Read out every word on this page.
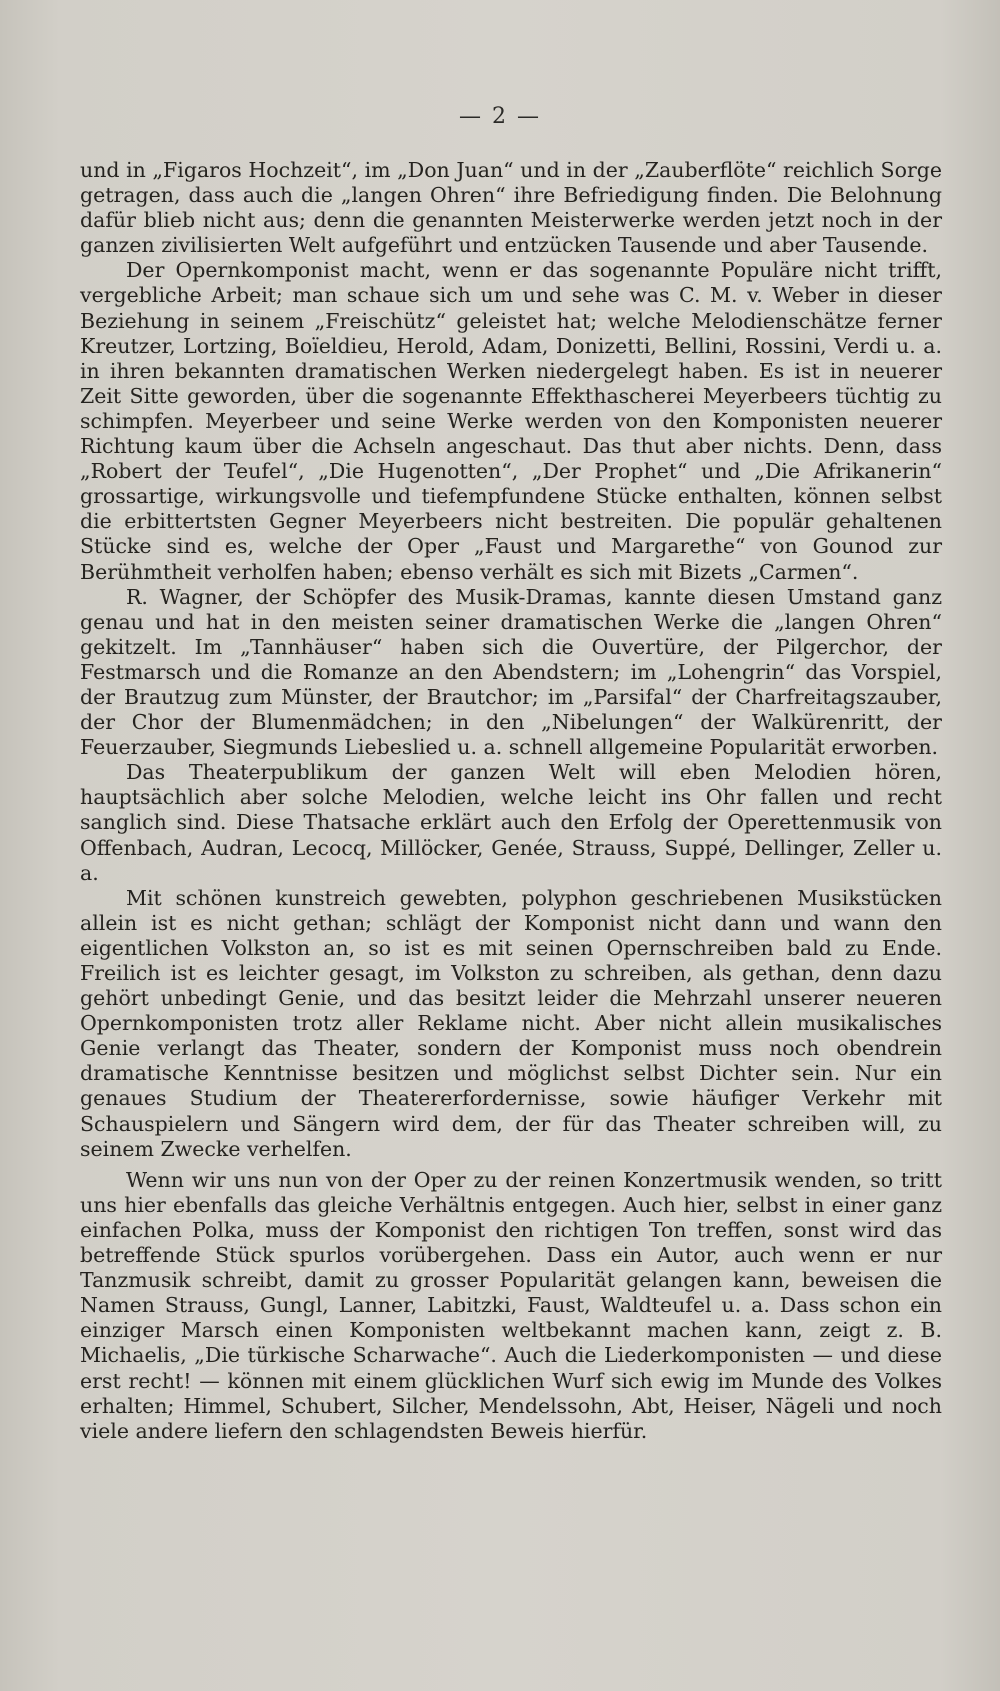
— 2 —

und in „Figaros Hochzeit“, im „Don Juan“ und in der „Zauberflöte“ reichlich Sorge getragen, dass auch die „langen Ohren“ ihre Befriedigung finden. Die Belohnung dafür blieb nicht aus; denn die genannten Meisterwerke werden jetzt noch in der ganzen zivilisierten Welt aufgeführt und entzücken Tausende und aber Tausende.

Der Opernkomponist macht, wenn er das sogenannte Populäre nicht trifft, vergebliche Arbeit; man schaue sich um und sehe was C. M. v. Weber in dieser Beziehung in seinem „Freischütz“ geleistet hat; welche Melodienschätze ferner Kreutzer, Lortzing, Boïeldieu, Herold, Adam, Donizetti, Bellini, Rossini, Verdi u. a. in ihren bekannten dramatischen Werken niedergelegt haben. Es ist in neuerer Zeit Sitte geworden, über die sogenannte Effekthascherei Meyerbeers tüchtig zu schimpfen. Meyerbeer und seine Werke werden von den Komponisten neuerer Richtung kaum über die Achseln angeschaut. Das thut aber nichts. Denn, dass „Robert der Teufel“, „Die Hugenotten“, „Der Prophet“ und „Die Afrikanerin“ grossartige, wirkungsvolle und tiefempfundene Stücke enthalten, können selbst die erbittertsten Gegner Meyerbeers nicht bestreiten. Die populär gehaltenen Stücke sind es, welche der Oper „Faust und Margarethe“ von Gounod zur Berühmtheit verholfen haben; ebenso verhält es sich mit Bizets „Carmen“.

R. Wagner, der Schöpfer des Musik-Dramas, kannte diesen Umstand ganz genau und hat in den meisten seiner dramatischen Werke die „langen Ohren“ gekitzelt. Im „Tannhäuser“ haben sich die Ouvertüre, der Pilgerchor, der Festmarsch und die Romanze an den Abendstern; im „Lohengrin“ das Vorspiel, der Brautzug zum Münster, der Brautchor; im „Parsifal“ der Charfreitagszauber, der Chor der Blumenmädchen; in den „Nibelungen“ der Walkürenritt, der Feuerzauber, Siegmunds Liebeslied u. a. schnell allgemeine Popularität erworben.

Das Theaterpublikum der ganzen Welt will eben Melodien hören, hauptsächlich aber solche Melodien, welche leicht ins Ohr fallen und recht sanglich sind. Diese Thatsache erklärt auch den Erfolg der Operettenmusik von Offenbach, Audran, Lecocq, Millöcker, Genée, Strauss, Suppé, Dellinger, Zeller u. a.

Mit schönen kunstreich gewebten, polyphon geschriebenen Musikstücken allein ist es nicht gethan; schlägt der Komponist nicht dann und wann den eigentlichen Volkston an, so ist es mit seinen Opernschreiben bald zu Ende. Freilich ist es leichter gesagt, im Volkston zu schreiben, als gethan, denn dazu gehört unbedingt Genie, und das besitzt leider die Mehrzahl unserer neueren Opernkomponisten trotz aller Reklame nicht. Aber nicht allein musikalisches Genie verlangt das Theater, sondern der Komponist muss noch obendrein dramatische Kenntnisse besitzen und möglichst selbst Dichter sein. Nur ein genaues Studium der Theatererfordernisse, sowie häufiger Verkehr mit Schauspielern und Sängern wird dem, der für das Theater schreiben will, zu seinem Zwecke verhelfen.

Wenn wir uns nun von der Oper zu der reinen Konzertmusik wenden, so tritt uns hier ebenfalls das gleiche Verhältnis entgegen. Auch hier, selbst in einer ganz einfachen Polka, muss der Komponist den richtigen Ton treffen, sonst wird das betreffende Stück spurlos vorübergehen. Dass ein Autor, auch wenn er nur Tanzmusik schreibt, damit zu grosser Popularität gelangen kann, beweisen die Namen Strauss, Gungl, Lanner, Labitzki, Faust, Waldteufel u. a. Dass schon ein einziger Marsch einen Komponisten weltbekannt machen kann, zeigt z. B. Michaelis, „Die türkische Scharwache“. Auch die Liederkomponisten — und diese erst recht! — können mit einem glücklichen Wurf sich ewig im Munde des Volkes erhalten; Himmel, Schubert, Silcher, Mendelssohn, Abt, Heiser, Nägeli und noch viele andere liefern den schlagendsten Beweis hierfür.
